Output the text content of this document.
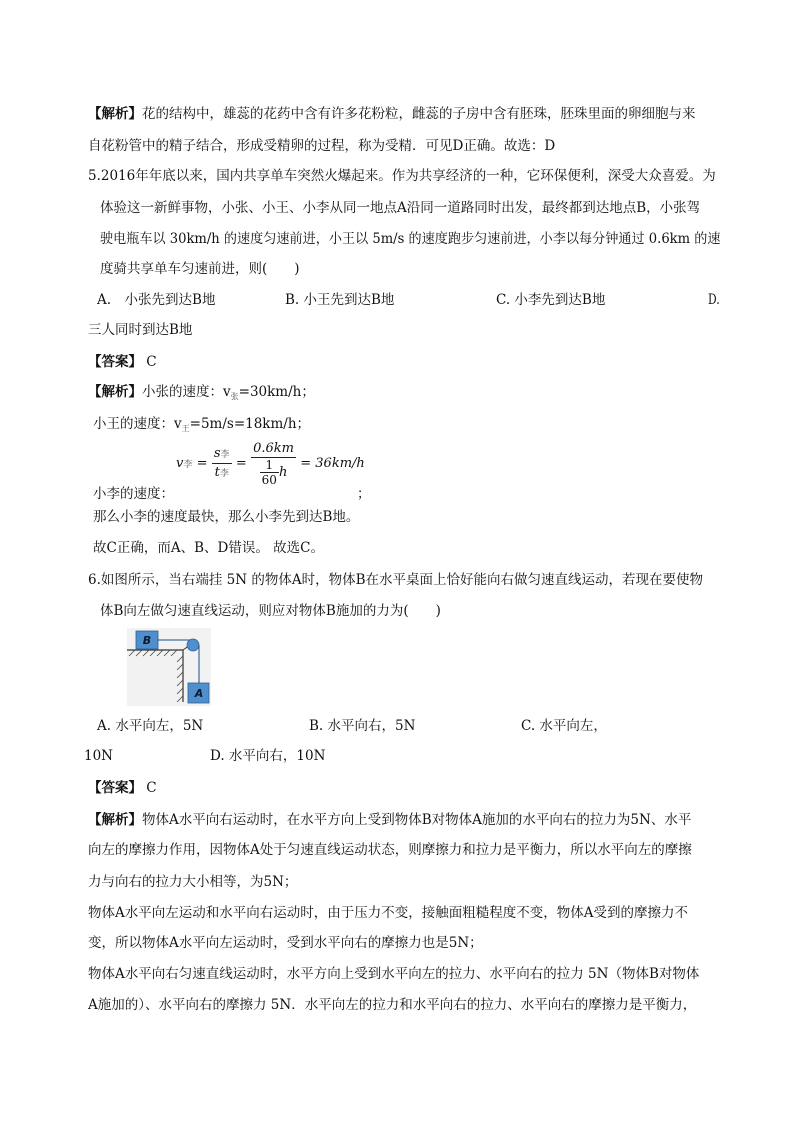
【解析】花的结构中，雄蕊的花药中含有许多花粉粒，雌蕊的子房中含有胚珠，胚珠里面的卵细胞与来
自花粉管中的精子结合，形成受精卵的过程，称为受精．可见D正确。故选：D
5.2016年年底以来，国内共享单车突然火爆起来。作为共享经济的一种，它环保便利，深受大众喜爱。为
体验这一新鲜事物，小张、小王、小李从同一地点A沿同一道路同时出发，最终都到达地点B，小张驾
驶电瓶车以 30km/h 的速度匀速前进，小王以 5m/s 的速度跑步匀速前进，小李以每分钟通过 0.6km 的速
度骑共享单车匀速前进，则(　　)
A.　小张先到达B地	B. 小王先到达B地	C. 小李先到达B地	D.
三人同时到达B地
【答案】 C
【解析】小张的速度：$v_张=30km/h$；
小王的速度：$v_王=5m/s=18km/h$；
v李 = $\frac{\text{s李}}{\text{t李}} = \frac{0.6km}{\frac{1}{60} h} = 36km/h$
小李的速度：	；
那么小李的速度最快，那么小李先到达B地。
故C正确，而A、B、D错误。 故选C。
6.如图所示，当右端挂 5N 的物体A时，物体B在水平桌面上恰好能向右做匀速直线运动，若现在要使物
体B向左做匀速直线运动，则应对物体B施加的力为(　　)
B
A
A. 水平向左，5N	B. 水平向右，5N	C. 水平向左，
10N	D. 水平向右，10N
【答案】 C
【解析】物体A水平向右运动时，在水平方向上受到物体B对物体A施加的水平向右的拉力为5N、水平
向左的摩擦力作用，因物体A处于匀速直线运动状态，则摩擦力和拉力是平衡力，所以水平向左的摩擦
力与向右的拉力大小相等，为5N；
物体A水平向左运动和水平向右运动时，由于压力不变，接触面粗糙程度不变，物体A受到的摩擦力不
变，所以物体A水平向左运动时，受到水平向右的摩擦力也是5N；
物体A水平向右匀速直线运动时，水平方向上受到水平向左的拉力、水平向右的拉力 5N（物体B对物体
A施加的）、水平向右的摩擦力 5N．水平向左的拉力和水平向右的拉力、水平向右的摩擦力是平衡力，
